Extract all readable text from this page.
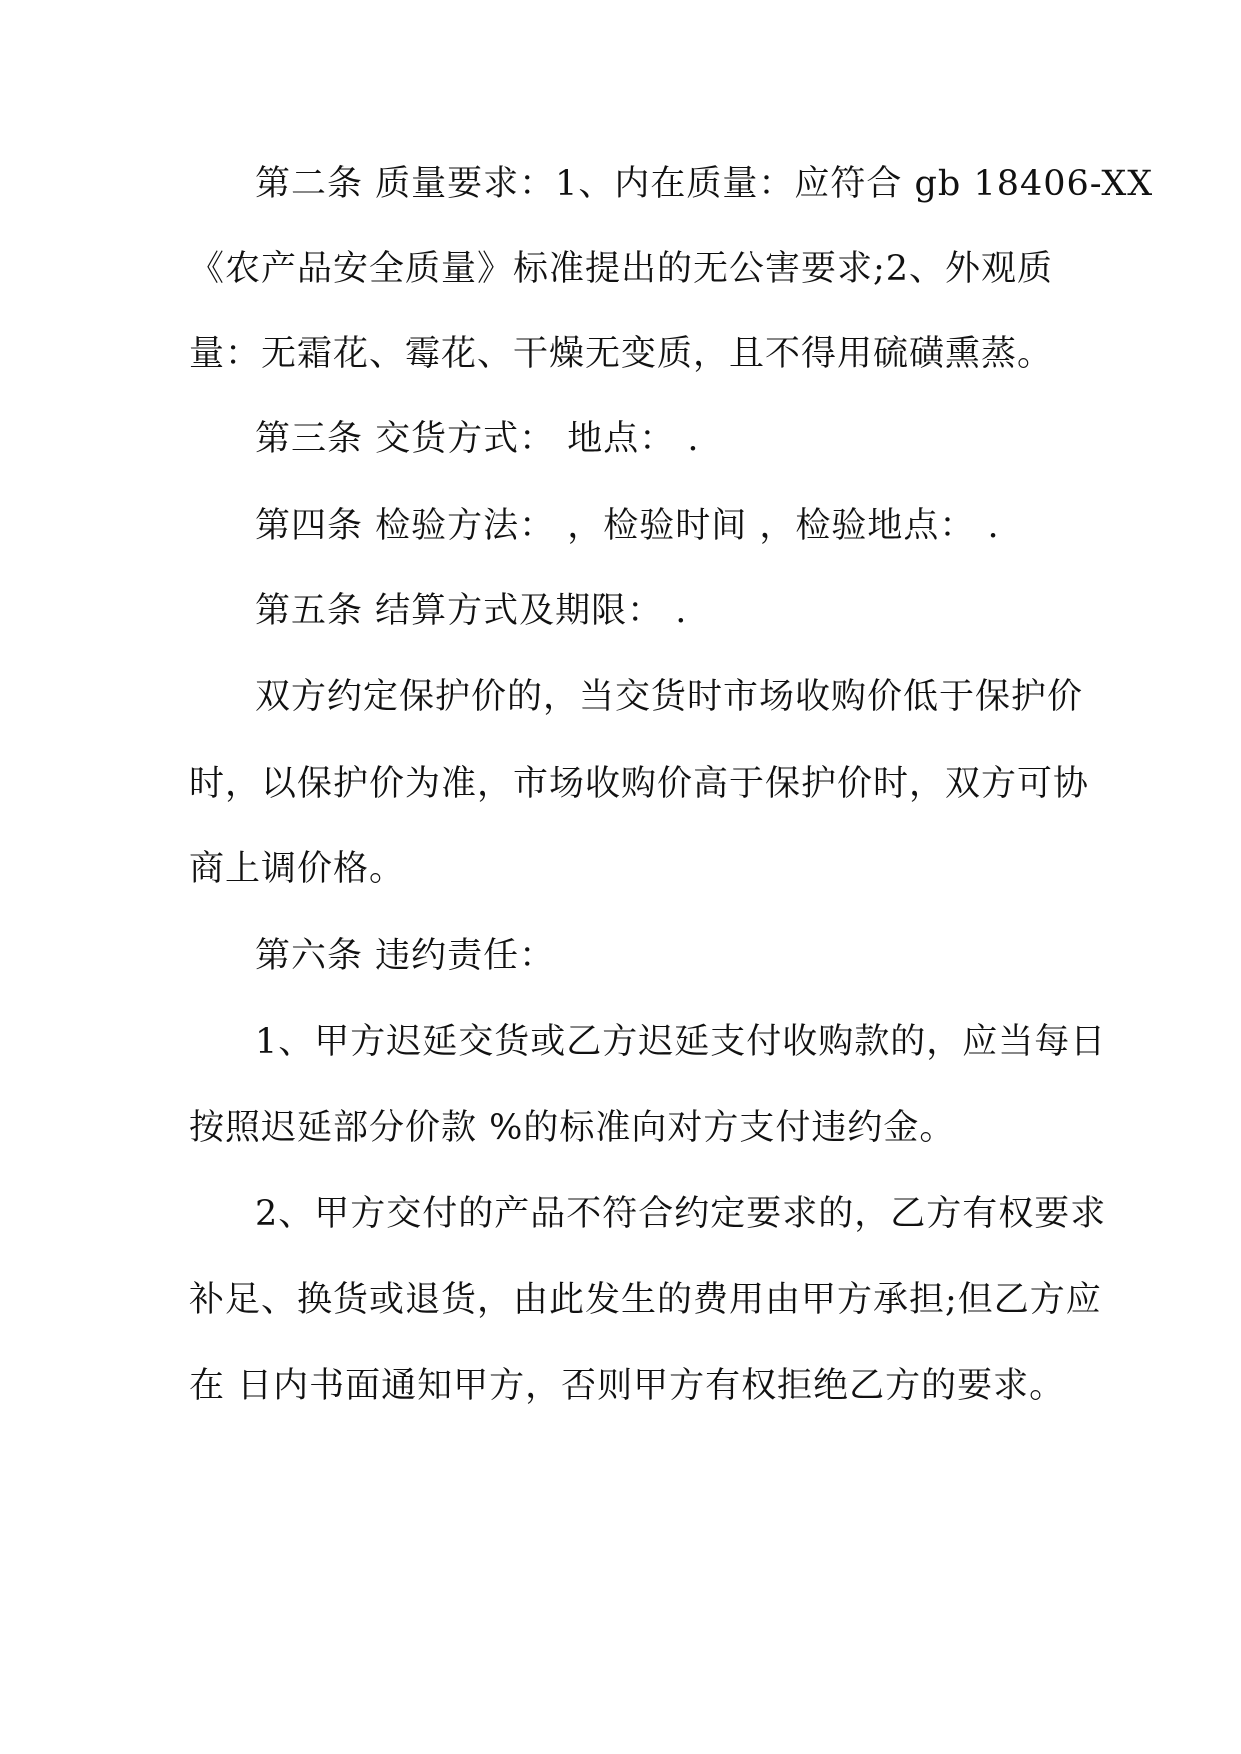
第二条 质量要求：1、内在质量：应符合 gb 18406-XX
《农产品安全质量》标准提出的无公害要求;2、外观质
量：无霜花、霉花、干燥无变质，且不得用硫磺熏蒸。
第三条 交货方式： 地点： .
第四条 检验方法： ，检验时间 ，检验地点： .
第五条 结算方式及期限： .
双方约定保护价的，当交货时市场收购价低于保护价
时，以保护价为准，市场收购价高于保护价时，双方可协
商上调价格。
第六条 违约责任：
1、甲方迟延交货或乙方迟延支付收购款的，应当每日
按照迟延部分价款 %的标准向对方支付违约金。
2、甲方交付的产品不符合约定要求的，乙方有权要求
补足、换货或退货，由此发生的费用由甲方承担;但乙方应
在 日内书面通知甲方，否则甲方有权拒绝乙方的要求。
